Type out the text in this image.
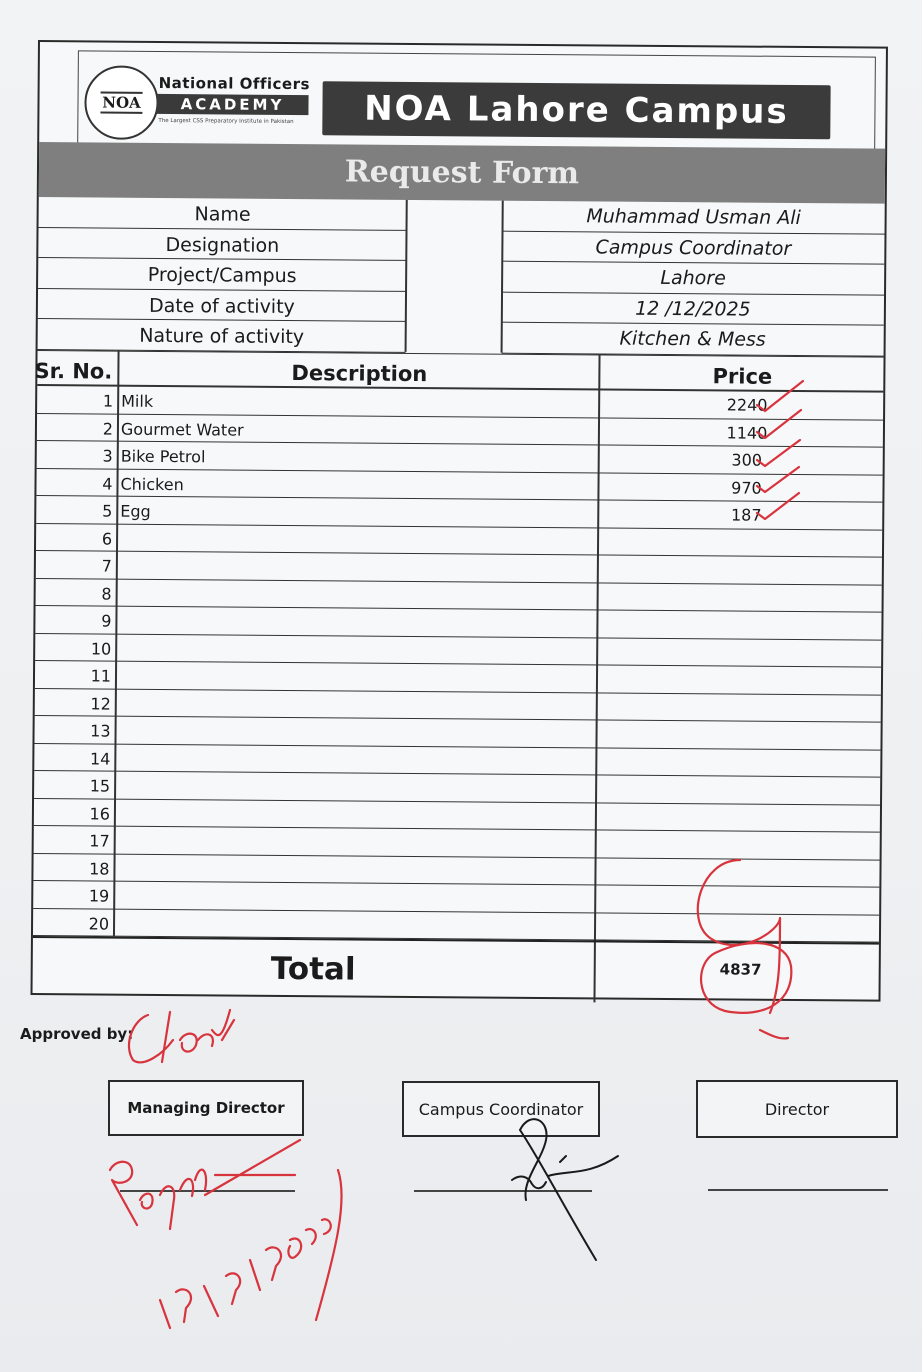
NOA
National Officers
ACADEMY
The Largest CSS Preparatory Institute in Pakistan	NOA Lahore Campus
Request Form
Name	Muhammad Usman Ali
Designation	Campus Coordinator
Project/Campus	Lahore
Date of activity	12 /12/2025
Nature of activity	Kitchen & Mess
Sr. No.	Description	Price
1 Milk	2240
2 Gourmet Water	1140
3 Bike Petrol	300
4 Chicken	970
5 Egg	187
6
7
8
9
10
11
12
13
14
15
16
17
18
19
20
Total	4837
Approved by:
Managing Director	Campus Coordinator	Director
